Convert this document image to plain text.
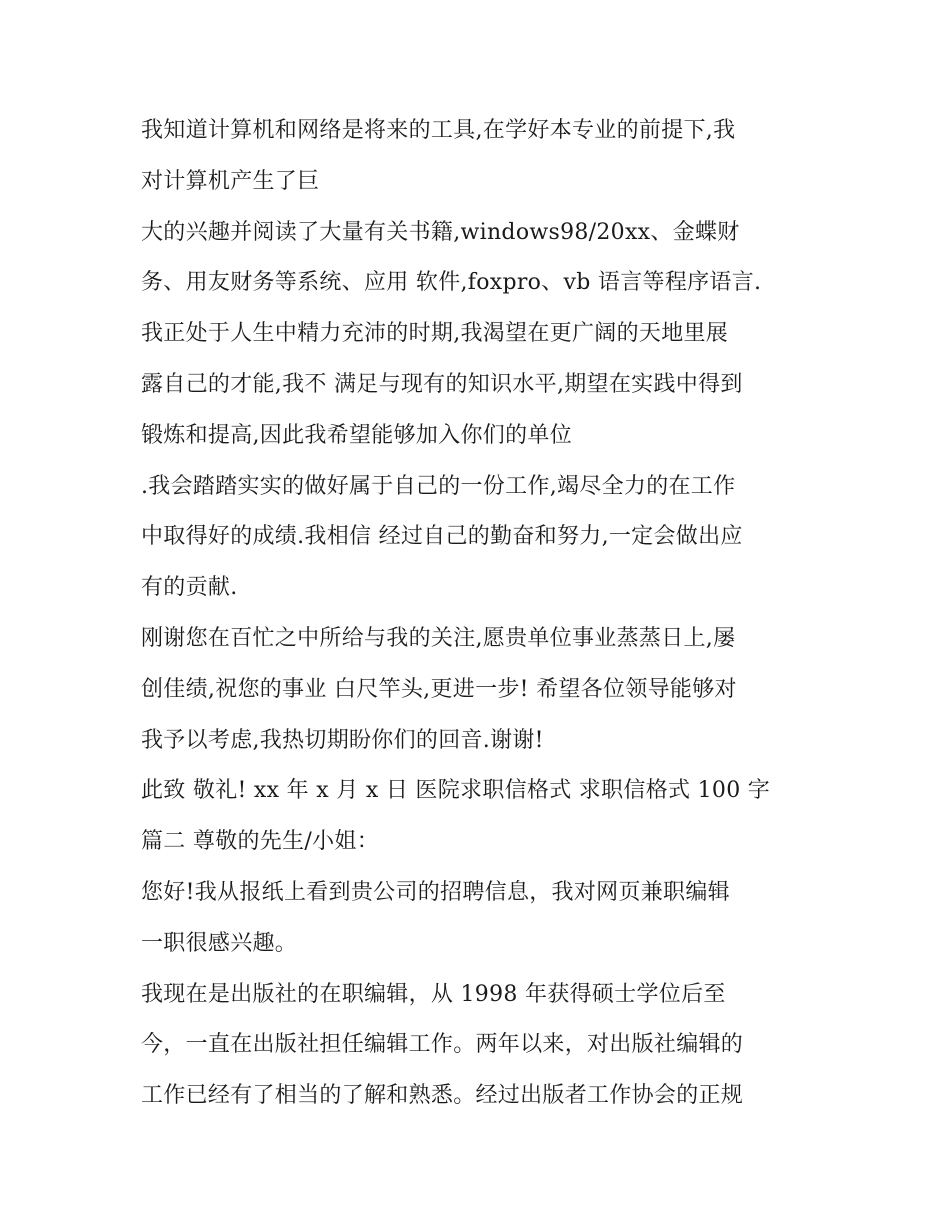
我知道计算机和网络是将来的工具,在学好本专业的前提下,我
对计算机产生了巨
大的兴趣并阅读了大量有关书籍,windows98/20xx、金蝶财
务、用友财务等系统、应用 软件,foxpro、vb 语言等程序语言.
我正处于人生中精力充沛的时期,我渴望在更广阔的天地里展
露自己的才能,我不 满足与现有的知识水平,期望在实践中得到
锻炼和提高,因此我希望能够加入你们的单位
.我会踏踏实实的做好属于自己的一份工作,竭尽全力的在工作
中取得好的成绩.我相信 经过自己的勤奋和努力,一定会做出应
有的贡献.
刚谢您在百忙之中所给与我的关注,愿贵单位事业蒸蒸日上,屡
创佳绩,祝您的事业 白尺竿头,更进一步! 希望各位领导能够对
我予以考虑,我热切期盼你们的回音.谢谢!
此致 敬礼! xx 年 x 月 x 日 医院求职信格式 求职信格式 100 字
篇二 尊敬的先生/小姐：
您好!我从报纸上看到贵公司的招聘信息，我对网页兼职编辑
一职很感兴趣。
我现在是出版社的在职编辑，从 1998 年获得硕士学位后至
今，一直在出版社担任编辑工作。两年以来，对出版社编辑的
工作已经有了相当的了解和熟悉。经过出版者工作协会的正规
